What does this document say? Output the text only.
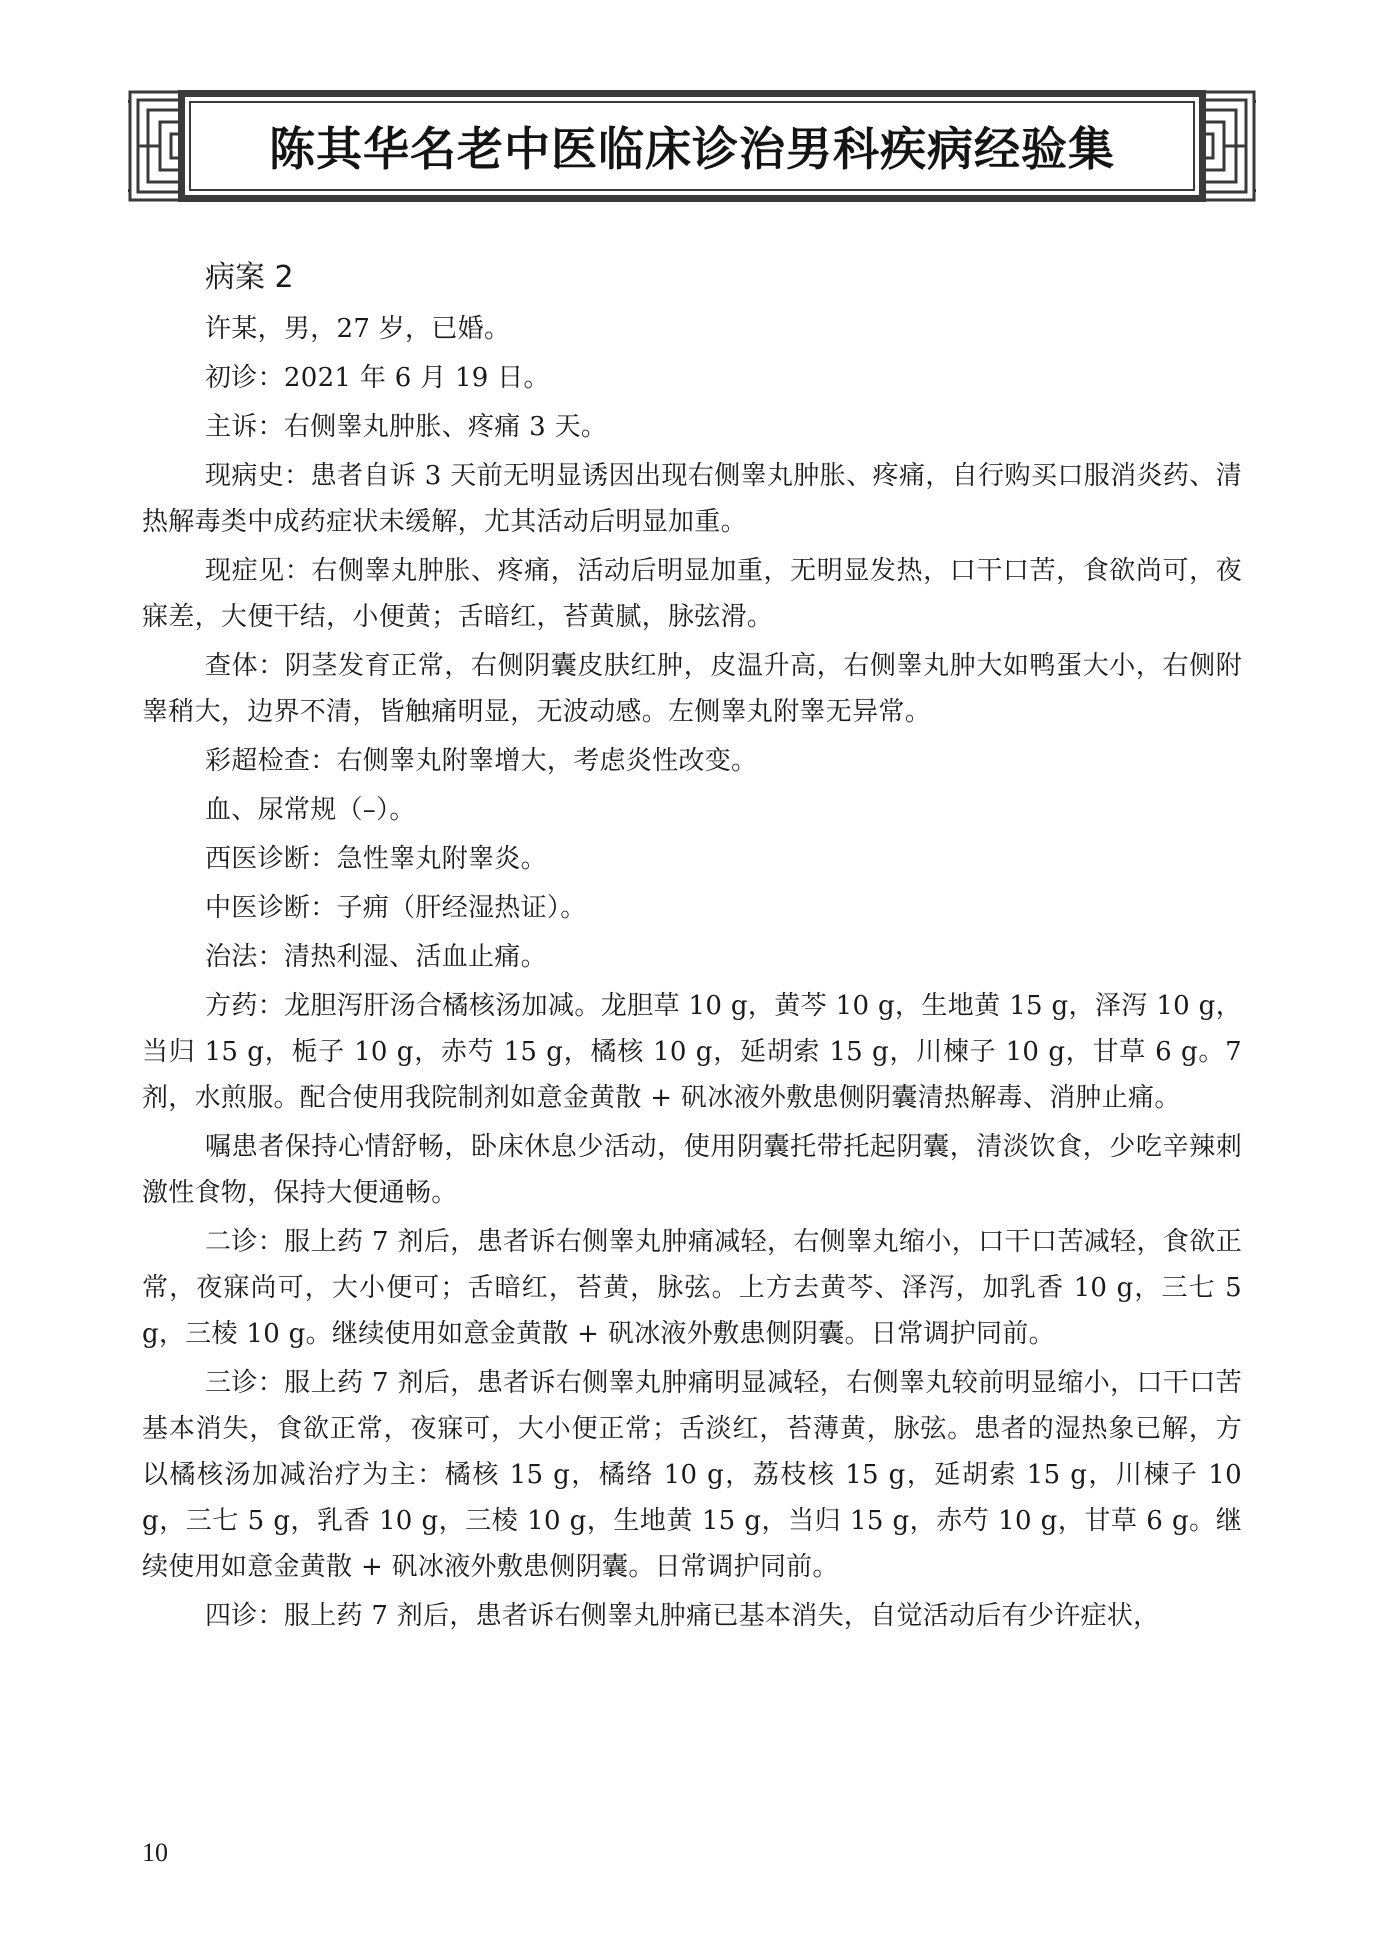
陈其华名老中医临床诊治男科疾病经验集
病案 2

许某，男，27 岁，已婚。

初诊：2021 年 6 月 19 日。

主诉：右侧睾丸肿胀、疼痛 3 天。

现病史：患者自诉 3 天前无明显诱因出现右侧睾丸肿胀、疼痛，自行购买口服消炎药、清热解毒类中成药症状未缓解，尤其活动后明显加重。

现症见：右侧睾丸肿胀、疼痛，活动后明显加重，无明显发热，口干口苦，食欲尚可，夜寐差，大便干结，小便黄；舌暗红，苔黄腻，脉弦滑。

查体：阴茎发育正常，右侧阴囊皮肤红肿，皮温升高，右侧睾丸肿大如鸭蛋大小，右侧附睾稍大，边界不清，皆触痛明显，无波动感。左侧睾丸附睾无异常。

彩超检查：右侧睾丸附睾增大，考虑炎性改变。

血、尿常规（–）。

西医诊断：急性睾丸附睾炎。

中医诊断：子痈（肝经湿热证）。

治法：清热利湿、活血止痛。

方药：龙胆泻肝汤合橘核汤加减。龙胆草 10 g，黄芩 10 g，生地黄 15 g，泽泻 10 g，当归 15 g，栀子 10 g，赤芍 15 g，橘核 10 g，延胡索 15 g，川楝子 10 g，甘草 6 g。7 剂，水煎服。配合使用我院制剂如意金黄散 + 矾冰液外敷患侧阴囊清热解毒、消肿止痛。

嘱患者保持心情舒畅，卧床休息少活动，使用阴囊托带托起阴囊，清淡饮食，少吃辛辣刺激性食物，保持大便通畅。

二诊：服上药 7 剂后，患者诉右侧睾丸肿痛减轻，右侧睾丸缩小，口干口苦减轻，食欲正常，夜寐尚可，大小便可；舌暗红，苔黄，脉弦。上方去黄芩、泽泻，加乳香 10 g，三七 5 g，三棱 10 g。继续使用如意金黄散 + 矾冰液外敷患侧阴囊。日常调护同前。

三诊：服上药 7 剂后，患者诉右侧睾丸肿痛明显减轻，右侧睾丸较前明显缩小，口干口苦基本消失，食欲正常，夜寐可，大小便正常；舌淡红，苔薄黄，脉弦。患者的湿热象已解，方以橘核汤加减治疗为主：橘核 15 g，橘络 10 g，荔枝核 15 g，延胡索 15 g，川楝子 10 g，三七 5 g，乳香 10 g，三棱 10 g，生地黄 15 g，当归 15 g，赤芍 10 g，甘草 6 g。继续使用如意金黄散 + 矾冰液外敷患侧阴囊。日常调护同前。

四诊：服上药 7 剂后，患者诉右侧睾丸肿痛已基本消失，自觉活动后有少许症状，

10
